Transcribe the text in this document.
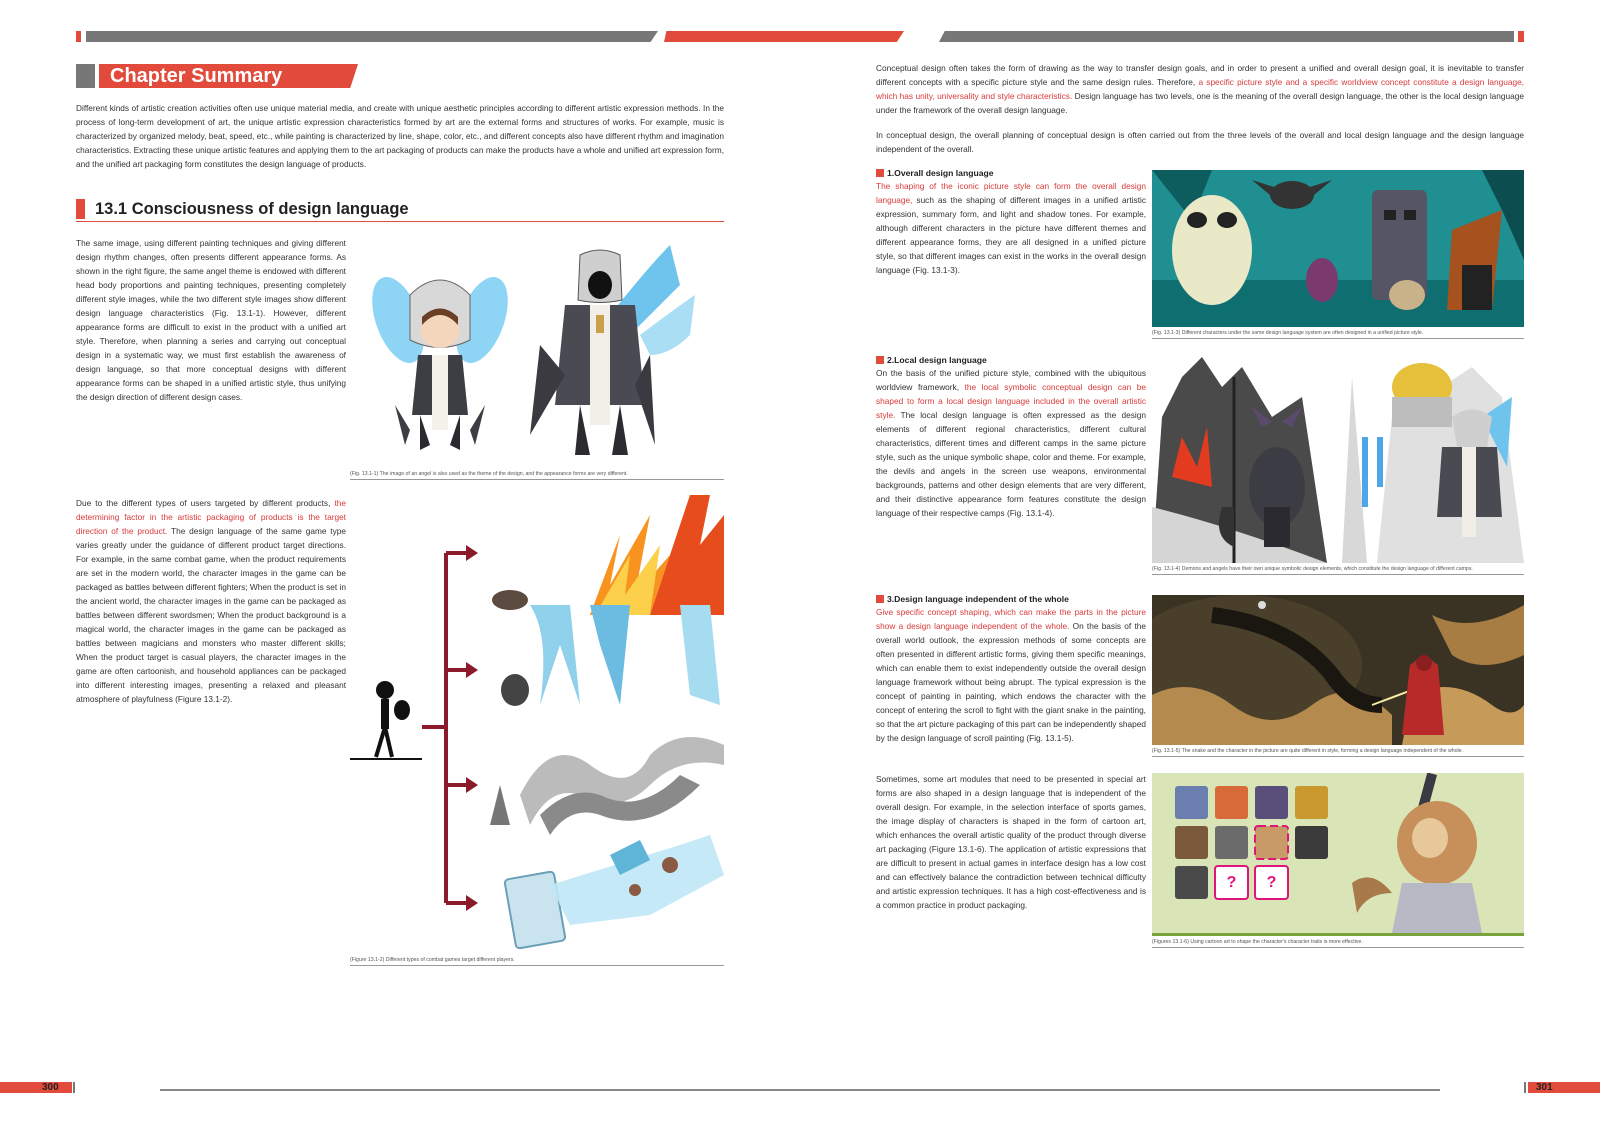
Chapter Summary

Different kinds of artistic creation activities often use unique material media, and create with unique aesthetic principles according to different artistic expression methods. In the process of long-term development of art, the unique artistic expression characteristics formed by art are the external forms and structures of works. For example, music is characterized by organized melody, beat, speed, etc., while painting is characterized by line, shape, color, etc., and different concepts also have different rhythm and imagination characteristics. Extracting these unique artistic features and applying them to the art packaging of products can make the products have a whole and unified art expression form, and the unified art packaging form constitutes the design language of products.

13.1 Consciousness of design language

The same image, using different painting techniques and giving different design rhythm changes, often presents different appearance forms. As shown in the right figure, the same angel theme is endowed with different head body proportions and painting techniques, presenting completely different style images, while the two different style images show different design language characteristics (Fig. 13.1-1). However, different appearance forms are difficult to exist in the product with a unified art style. Therefore, when planning a series and carrying out conceptual design in a systematic way, we must first establish the awareness of design language, so that more conceptual designs with different appearance forms can be shaped in a unified artistic style, thus unifying the design direction of different design cases.

(Fig. 13.1-1) The image of an angel is also used as the theme of the design, and the appearance forms are very different.

Due to the different types of users targeted by different products, the determining factor in the artistic packaging of products is the target direction of the product. The design language of the same game type varies greatly under the guidance of different product target directions. For example, in the same combat game, when the product requirements are set in the modern world, the character images in the game can be packaged as battles between different fighters; When the product is set in the ancient world, the character images in the game can be packaged as battles between different swordsmen; When the product background is a magical world, the character images in the game can be packaged as battles between magicians and monsters who master different skills; When the product target is casual players, the character images in the game are often cartoonish, and household appliances can be packaged into different interesting images, presenting a relaxed and pleasant atmosphere of playfulness (Figure 13.1-2).

(Figure 13.1-2) Different types of combat games target different players.

Conceptual design often takes the form of drawing as the way to transfer design goals, and in order to present a unified and overall design goal, it is inevitable to transfer different concepts with a specific picture style and the same design rules. Therefore, a specific picture style and a specific worldview concept constitute a design language, which has unity, universality and style characteristics. Design language has two levels, one is the meaning of the overall design language, the other is the local design language under the framework of the overall design language.

In conceptual design, the overall planning of conceptual design is often carried out from the three levels of the overall and local design language and the design language independent of the overall.

1.Overall design language

The shaping of the iconic picture style can form the overall design language, such as the shaping of different images in a unified artistic expression, summary form, and light and shadow tones. For example, although different characters in the picture have different themes and different appearance forms, they are all designed in a unified picture style, so that different images can exist in the works in the overall design language (Fig. 13.1-3).

(Fig. 13.1-3) Different characters under the same design language system are often designed in a unified picture style.
2.Local design language

On the basis of the unified picture style, combined with the ubiquitous worldview framework, the local symbolic conceptual design can be shaped to form a local design language included in the overall artistic style. The local design language is often expressed as the design elements of different regional characteristics, different cultural characteristics, different times and different camps in the same picture style, such as the unique symbolic shape, color and theme. For example, the devils and angels in the screen use weapons, environmental backgrounds, patterns and other design elements that are very different, and their distinctive appearance form features constitute the design language of their respective camps (Fig. 13.1-4).

(Fig. 13.1-4) Demons and angels have their own unique symbolic design elements, which constitute the design language of different camps.
3.Design language independent of the whole

Give specific concept shaping, which can make the parts in the picture show a design language independent of the whole. On the basis of the overall world outlook, the expression methods of some concepts are often presented in different artistic forms, giving them specific meanings, which can enable them to exist independently outside the overall design language framework without being abrupt. The typical expression is the concept of painting in painting, which endows the character with the concept of entering the scroll to fight with the giant snake in the painting, so that the art picture packaging of this part can be independently shaped by the design language of scroll painting (Fig. 13.1-5).

(Fig. 13.1-5) The snake and the character in the picture are quite different in style, forming a design language independent of the whole.

Sometimes, some art modules that need to be presented in special art forms are also shaped in a design language that is independent of the overall design. For example, in the selection interface of sports games, the image display of characters is shaped in the form of cartoon art, which enhances the overall artistic quality of the product through diverse art packaging (Figure 13.1-6). The application of artistic expressions that are difficult to present in actual games in interface design has a low cost and can effectively balance the contradiction between technical difficulty and artistic expression techniques. It has a high cost-effectiveness and is a common practice in product packaging.

?	?
(Figures 13.1-6) Using cartoon art to shape the character's character traits is more effective.
300	301
